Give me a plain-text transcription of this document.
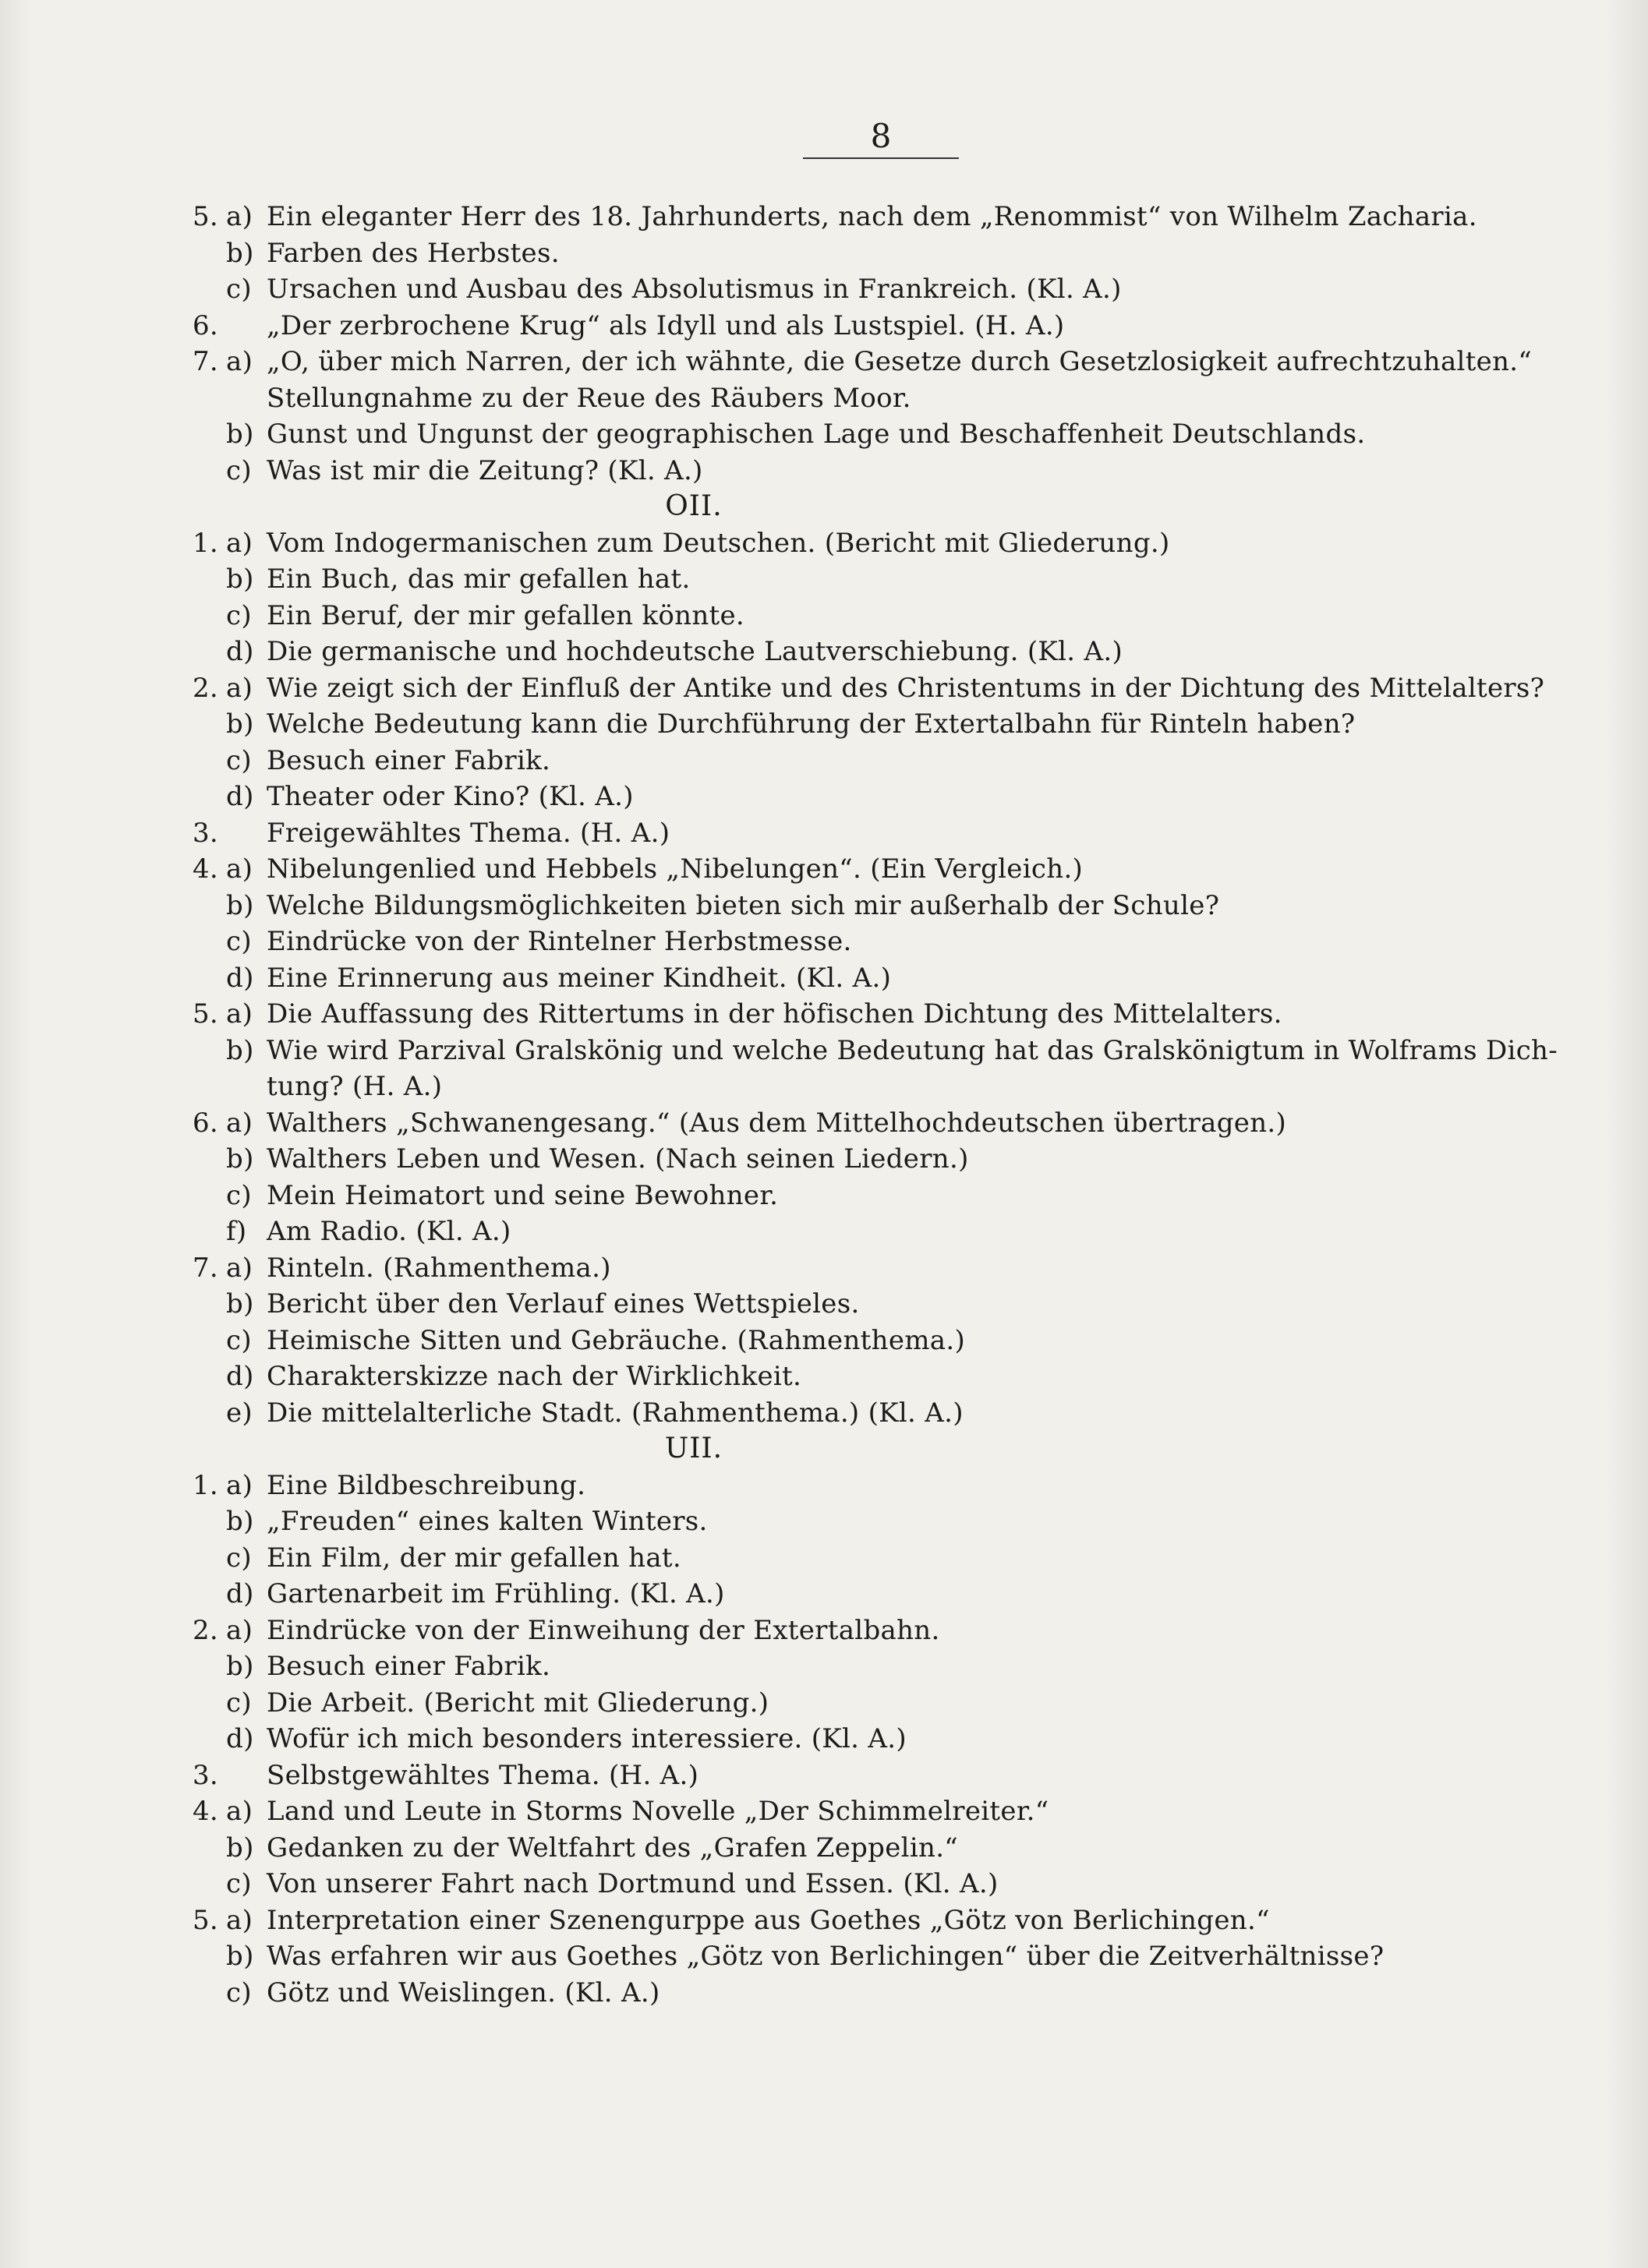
8
5. a) Ein eleganter Herr des 18. Jahrhunderts, nach dem „Renommist“ von Wilhelm Zacharia.
b) Farben des Herbstes.
c) Ursachen und Ausbau des Absolutismus in Frankreich. (Kl. A.)
6. „Der zerbrochene Krug“ als Idyll und als Lustspiel. (H. A.)
7. a) „O, über mich Narren, der ich wähnte, die Gesetze durch Gesetzlosigkeit aufrechtzuhalten.“
Stellungnahme zu der Reue des Räubers Moor.
b) Gunst und Ungunst der geographischen Lage und Beschaffenheit Deutschlands.
c) Was ist mir die Zeitung? (Kl. A.)
OII.
1. a) Vom Indogermanischen zum Deutschen. (Bericht mit Gliederung.)
b) Ein Buch, das mir gefallen hat.
c) Ein Beruf, der mir gefallen könnte.
d) Die germanische und hochdeutsche Lautverschiebung. (Kl. A.)
2. a) Wie zeigt sich der Einfluß der Antike und des Christentums in der Dichtung des Mittelalters?
b) Welche Bedeutung kann die Durchführung der Extertalbahn für Rinteln haben?
c) Besuch einer Fabrik.
d) Theater oder Kino? (Kl. A.)
3. Freigewähltes Thema. (H. A.)
4. a) Nibelungenlied und Hebbels „Nibelungen“. (Ein Vergleich.)
b) Welche Bildungsmöglichkeiten bieten sich mir außerhalb der Schule?
c) Eindrücke von der Rintelner Herbstmesse.
d) Eine Erinnerung aus meiner Kindheit. (Kl. A.)
5. a) Die Auffassung des Rittertums in der höfischen Dichtung des Mittelalters.
b) Wie wird Parzival Gralskönig und welche Bedeutung hat das Gralskönigtum in Wolframs Dich-
tung? (H. A.)
6. a) Walthers „Schwanengesang.“ (Aus dem Mittelhochdeutschen übertragen.)
b) Walthers Leben und Wesen. (Nach seinen Liedern.)
c) Mein Heimatort und seine Bewohner.
f) Am Radio. (Kl. A.)
7. a) Rinteln. (Rahmenthema.)
b) Bericht über den Verlauf eines Wettspieles.
c) Heimische Sitten und Gebräuche. (Rahmenthema.)
d) Charakterskizze nach der Wirklichkeit.
e) Die mittelalterliche Stadt. (Rahmenthema.) (Kl. A.)
UII.
1. a) Eine Bildbeschreibung.
b) „Freuden“ eines kalten Winters.
c) Ein Film, der mir gefallen hat.
d) Gartenarbeit im Frühling. (Kl. A.)
2. a) Eindrücke von der Einweihung der Extertalbahn.
b) Besuch einer Fabrik.
c) Die Arbeit. (Bericht mit Gliederung.)
d) Wofür ich mich besonders interessiere. (Kl. A.)
3. Selbstgewähltes Thema. (H. A.)
4. a) Land und Leute in Storms Novelle „Der Schimmelreiter.“
b) Gedanken zu der Weltfahrt des „Grafen Zeppelin.“
c) Von unserer Fahrt nach Dortmund und Essen. (Kl. A.)
5. a) Interpretation einer Szenengurppe aus Goethes „Götz von Berlichingen.“
b) Was erfahren wir aus Goethes „Götz von Berlichingen“ über die Zeitverhältnisse?
c) Götz und Weislingen. (Kl. A.)
